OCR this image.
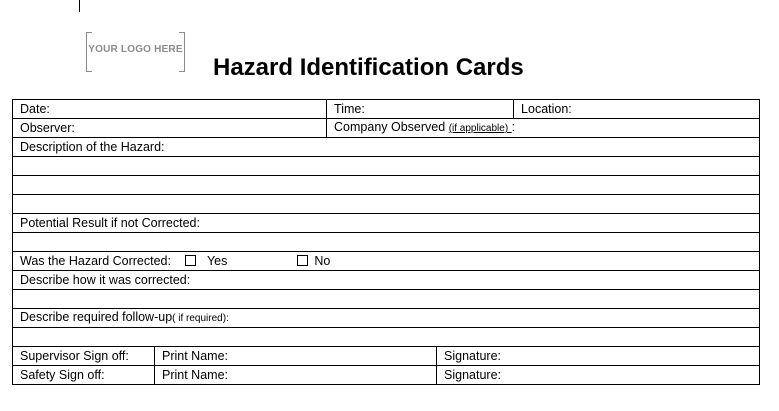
YOUR LOGO HERE
Hazard Identification Cards
Date:		Time:		Location:
Observer:		Company Observed (if applicable) :		
Description of the Hazard:				

Potential Result if not Corrected:				

Was the Hazard Corrected: Yes No				
Describe how it was corrected:				

Describe required follow-up( if required):				

Supervisor Sign off:	Print Name:		Signature:	
Safety Sign off:	Print Name:		Signature:	
